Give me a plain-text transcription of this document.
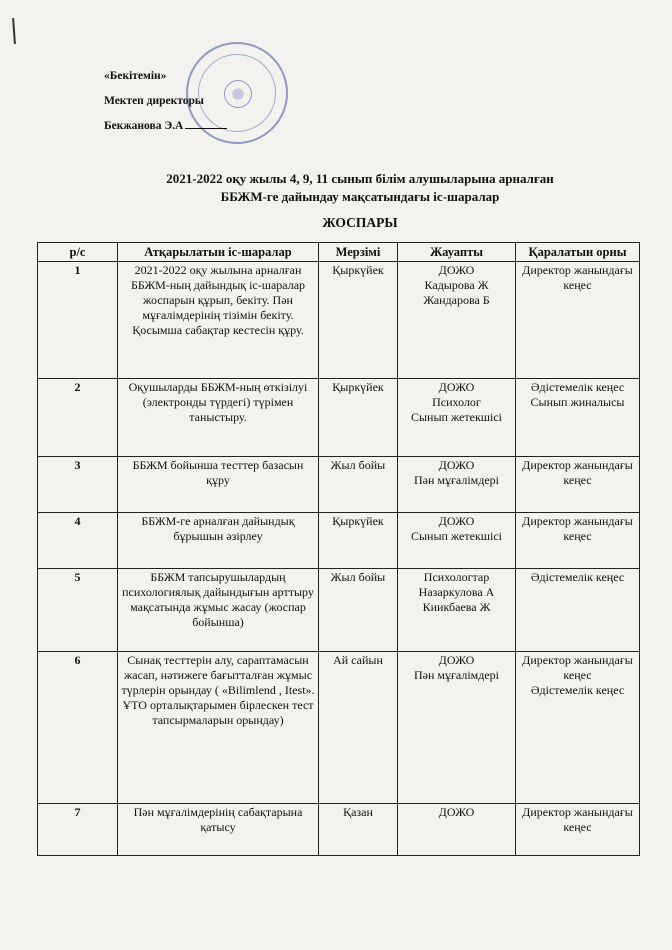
«Бекітемін»
Мектеп директоры
Бекжанова Э.А
2021-2022 оқу жылы 4, 9, 11 сынып білім алушыларына арналған
ББЖМ-ге дайындау мақсатындағы іс-шаралар
ЖОСПАРЫ
р/с	Атқарылатын іс-шаралар	Мерзімі	Жауапты	Қаралатын орны
1	2021-2022 оқу жылына арналған ББЖМ-ның дайындық іс-шаралар жоспарын құрып, бекіту. Пән мұғалімдерінің тізімін бекіту. Қосымша сабақтар кестесін құру.	Қыркүйек	ДОЖО
Кадырова Ж
Жандарова Б	Директор жанындағы кеңес

2	Оқушыларды ББЖМ-ның өткізілуі (электронды түрдегі) түрімен таныстыру.	Қыркүйек	ДОЖО
Психолог
Сынып жетекшісі	Әдістемелік кеңес
Сынып жиналысы

3	ББЖМ бойынша тесттер базасын құру	Жыл бойы	ДОЖО
Пән мұғалімдері	Директор жанындағы кеңес

4	ББЖМ-ге арналған дайындық бұрышын әзірлеу	Қыркүйек	ДОЖО
Сынып жетекшісі	Директор жанындағы кеңес

5	ББЖМ тапсырушылардың психологиялық дайындығын арттыру мақсатында жұмыс жасау (жоспар бойынша)	Жыл бойы	Психологтар
Назаркулова А
Киикбаева Ж	Әдістемелік кеңес

6	Сынақ тесттерін алу, сараптамасын жасап, нәтижеге бағытталған жұмыс түрлерін орындау ( «Bilimlend , Itest». ҰТО орталықтарымен бірлескен тест тапсырмаларын орындау)	Ай сайын	ДОЖО
Пән мұғалімдері	Директор жанындағы кеңес
Әдістемелік кеңес

7	Пән мұғалімдерінің сабақтарына қатысу	Қазан	ДОЖО	Директор жанындағы кеңес
